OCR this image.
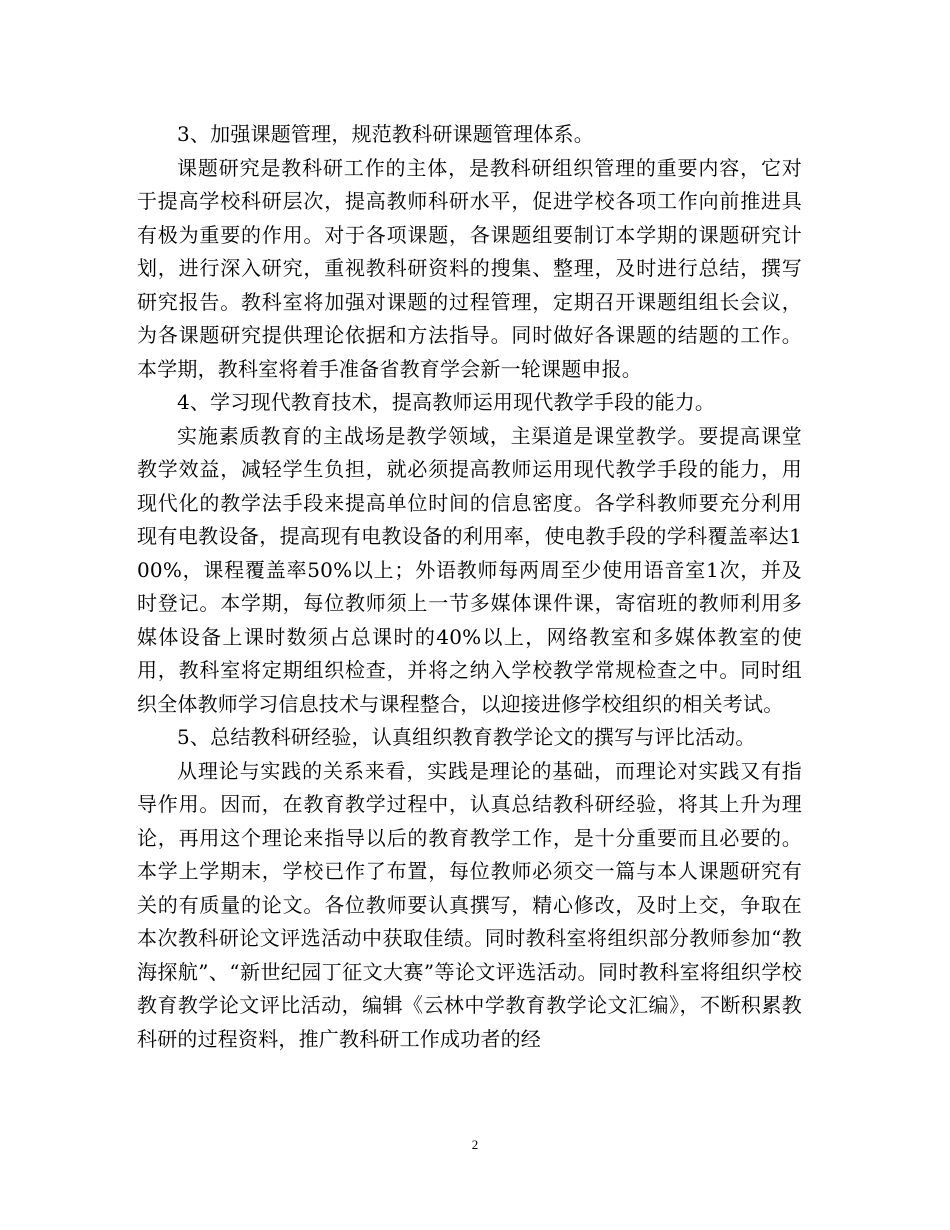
3、加强课题管理，规范教科研课题管理体系。

课题研究是教科研工作的主体，是教科研组织管理的重要内容，它对于提高学校科研层次，提高教师科研水平，促进学校各项工作向前推进具有极为重要的作用。对于各项课题，各课题组要制订本学期的课题研究计划，进行深入研究，重视教科研资料的搜集、整理，及时进行总结，撰写研究报告。教科室将加强对课题的过程管理，定期召开课题组组长会议，为各课题研究提供理论依据和方法指导。同时做好各课题的结题的工作。本学期，教科室将着手准备省教育学会新一轮课题申报。

4、学习现代教育技术，提高教师运用现代教学手段的能力。

实施素质教育的主战场是教学领域，主渠道是课堂教学。要提高课堂教学效益，减轻学生负担，就必须提高教师运用现代教学手段的能力，用现代化的教学法手段来提高单位时间的信息密度。各学科教师要充分利用现有电教设备，提高现有电教设备的利用率，使电教手段的学科覆盖率达100%，课程覆盖率50%以上；外语教师每两周至少使用语音室1次，并及时登记。本学期，每位教师须上一节多媒体课件课，寄宿班的教师利用多媒体设备上课时数须占总课时的40%以上，网络教室和多媒体教室的使用，教科室将定期组织检查，并将之纳入学校教学常规检查之中。同时组织全体教师学习信息技术与课程整合，以迎接进修学校组织的相关考试。

5、总结教科研经验，认真组织教育教学论文的撰写与评比活动。

从理论与实践的关系来看，实践是理论的基础，而理论对实践又有指导作用。因而，在教育教学过程中，认真总结教科研经验，将其上升为理论，再用这个理论来指导以后的教育教学工作，是十分重要而且必要的。本学上学期末，学校已作了布置，每位教师必须交一篇与本人课题研究有关的有质量的论文。各位教师要认真撰写，精心修改，及时上交，争取在本次教科研论文评选活动中获取佳绩。同时教科室将组织部分教师参加“教海探航”、“新世纪园丁征文大赛”等论文评选活动。同时教科室将组织学校教育教学论文评比活动，编辑《云林中学教育教学论文汇编》，不断积累教科研的过程资料，推广教科研工作成功者的经

2
